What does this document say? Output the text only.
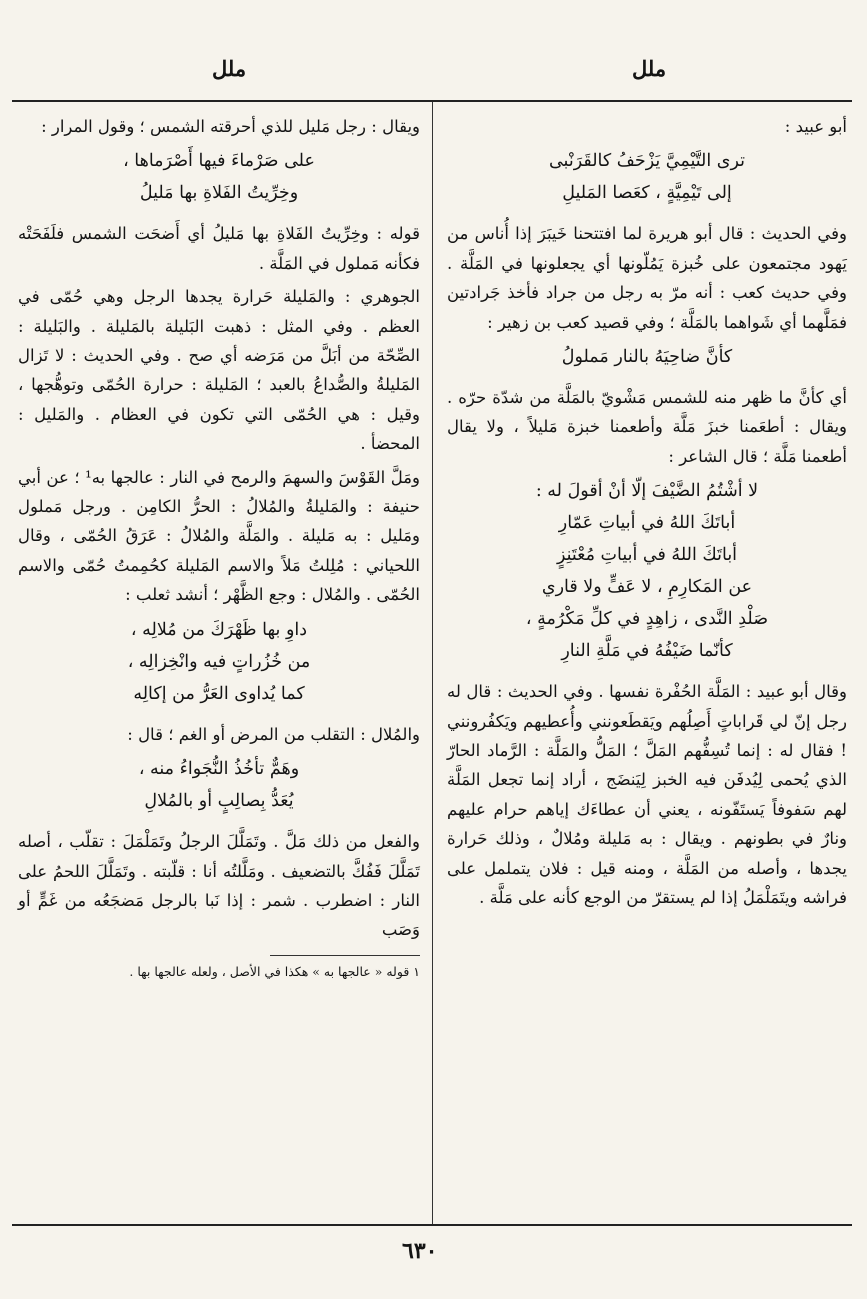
ملل
ملل

أبو عبيد :

ترى التَّيْمِيَّ يَزْحَفُ كالقَرَنْبى
إلى تَيْمِيَّةٍ ، كعَصا المَليلِ

وفي الحديث : قال أبو هريرة لما افتتحنا خَيبَرَ إذا أُناس من يَهود مجتمعون على خُبزة يَمُلّونها أي يجعلونها في المَلَّة . وفي حديث كعب : أنه مرّ به رجل من جراد فأخذ جَرادتين فمَلَّهما أي شَواهما بالمَلَّة ؛ وفي قصيد كعب بن زهير :

كأنَّ ضاحِيَهُ بالنار مَملولُ

أي كأنَّ ما ظهر منه للشمس مَشْويّ بالمَلَّة من شدّة حرّه . ويقال : أطعَمنا خبزَ مَلَّة وأطعمنا خبزة مَليلاً ، ولا يقال أطعمنا مَلَّة ؛ قال الشاعر :

لا أشْتُمُ الضَّيْفَ إلّا أنْ أقولَ له :
أباتَكَ اللهُ في أبياتِ عَمّارِ
أباتَكَ اللهُ في أبياتِ مُعْتَنِزٍ
عن المَكارِمِ ، لا عَفٍّ ولا قاري
صَلْدِ النَّدى ، زاهِدٍ في كلِّ مَكْرُمةٍ ،
كأنّما ضَيْفُهُ في مَلَّةِ النارِ

وقال أبو عبيد : المَلَّة الحُفْرة نفسها . وفي الحديث : قال له رجل إنّ لي قَراباتٍ أَصِلُهم ويَقطَعونني وأُعطيهم ويَكفُرونني ! فقال له : إنما تُسِفُّهم المَلَّ ؛ المَلُّ والمَلَّة : الرَّماد الحارّ الذي يُحمى لِيُدفَن فيه الخبز لِيَنضَج ، أراد إنما تجعل المَلَّة لهم سَفوفاً يَستَفّونه ، يعني أن عطاءَك إياهم حرام عليهم ونارٌ في بطونهم . ويقال : به مَليلة ومُلالٌ ، وذلك حَرارة يجدها ، وأصله من المَلَّة ، ومنه قيل : فلان يتململ على فراشه ويتَمَلْمَلُ إذا لم يستقرّ من الوجع كأنه على مَلَّة .

ويقال : رجل مَليل للذي أحرقته الشمس ؛ وقول المرار :

على صَرْماءَ فيها أَصْرَماها ،
وخِرِّيتُ الفَلاةِ بها مَليلُ

قوله : وخِرِّيتُ الفَلاةِ بها مَليلُ أي أَضحَت الشمس فلَفَحَتْه فكأنه مَملول في المَلَّة .

الجوهري : والمَليلة حَرارة يجدها الرجل وهي حُمّى في العظم . وفي المثل : ذهبت البَليلة بالمَليلة . والبَليلة : الصِّحّة من أبَلَّ من مَرَضه أي صح . وفي الحديث : لا تَزال المَليلةُ والصُّداعُ بالعبد ؛ المَليلة : حرارة الحُمّى وتوهُّجها ، وقيل : هي الحُمّى التي تكون في العظام . والمَليل : المحضأ .

ومَلَّ القَوْسَ والسهمَ والرمح في النار : عالجها به¹ ؛ عن أبي حنيفة : والمَليلةُ والمُلالُ : الحرُّ الكامِن . ورجل مَملول ومَليل : به مَليلة . والمَلَّة والمُلالُ : عَرَقُ الحُمّى ، وقال اللحياني : مُلِلتُ مَلاً والاسم المَليلة كحُمِمتُ حُمّى والاسم الحُمّى . والمُلال : وجع الظَّهْر ؛ أنشد ثعلب :

داوِ بها ظَهْرَكَ من مُلالِه ،
من خُزُراتٍ فيه وانْخِزالِه ،
كما يُداوى العَرُّ من إكالِه

والمُلال : التقلب من المرض أو الغم ؛ قال :

وهَمٌّ تأخُذُ النُّجَواءُ منه ،
يُعَدُّ بِصالِبٍ أو بالمُلالِ

والفعل من ذلك مَلَّ . وتَمَلَّلَ الرجلُ وتَمَلْمَلَ : تقلّب ، أصله تَمَلَّلَ فَفُكَّ بالتضعيف . ومَلَّلتُه أنا : قلّبته . وتَمَلَّلَ اللحمُ على النار : اضطرب . شمر : إذا نَبا بالرجل مَضجَعُه من غَمٍّ أو وَصَب

١ قوله « عالجها به » هكذا في الأصل ، ولعله عالجها بها .
٦٣٠
